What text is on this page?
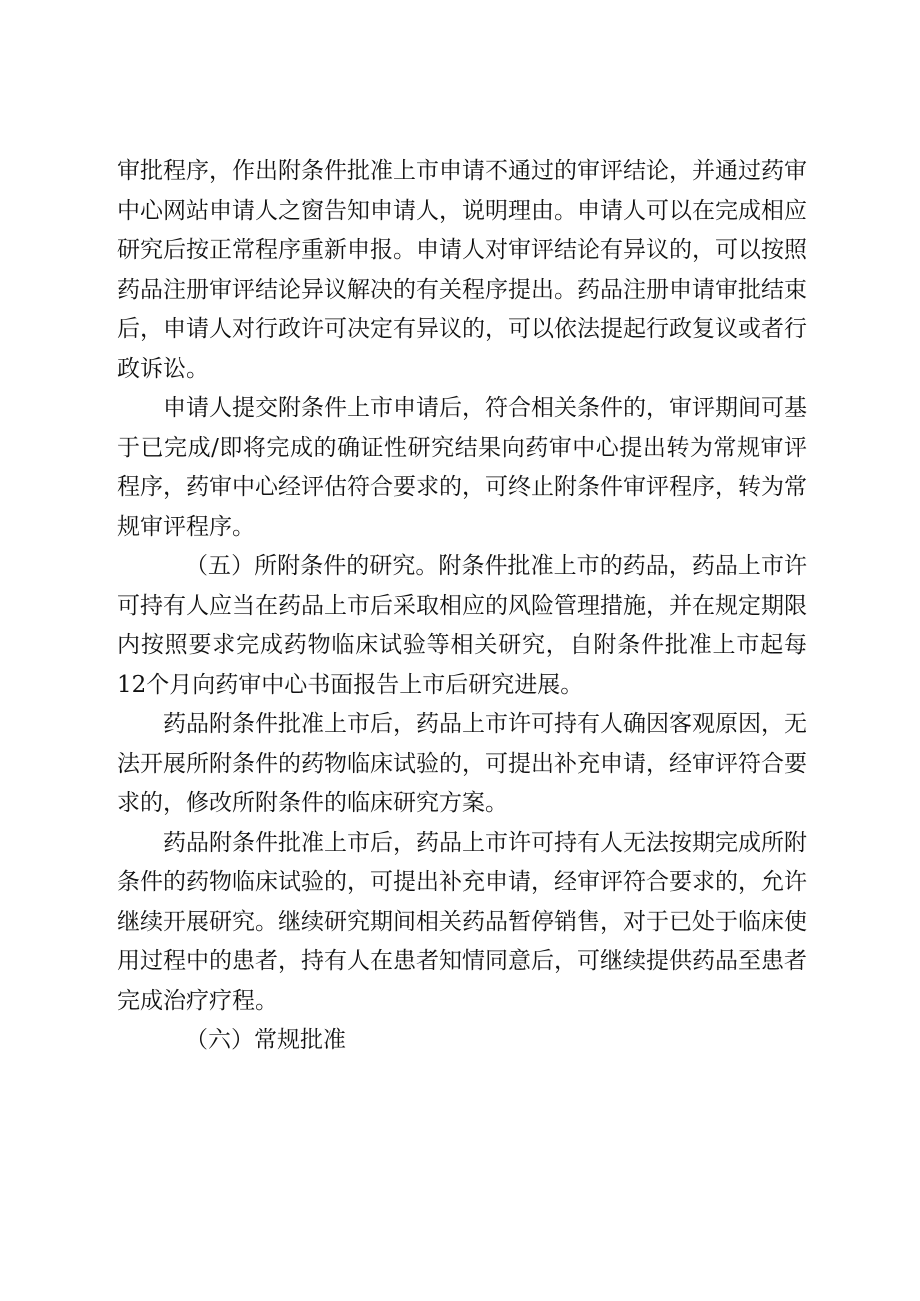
审批程序，作出附条件批准上市申请不通过的审评结论，并通过药审中心网站申请人之窗告知申请人，说明理由。申请人可以在完成相应研究后按正常程序重新申报。申请人对审评结论有异议的，可以按照药品注册审评结论异议解决的有关程序提出。药品注册申请审批结束后，申请人对行政许可决定有异议的，可以依法提起行政复议或者行政诉讼。

申请人提交附条件上市申请后，符合相关条件的，审评期间可基于已完成/即将完成的确证性研究结果向药审中心提出转为常规审评程序，药审中心经评估符合要求的，可终止附条件审评程序，转为常规审评程序。

（五）所附条件的研究。附条件批准上市的药品，药品上市许可持有人应当在药品上市后采取相应的风险管理措施，并在规定期限内按照要求完成药物临床试验等相关研究，自附条件批准上市起每12个月向药审中心书面报告上市后研究进展。

药品附条件批准上市后，药品上市许可持有人确因客观原因，无法开展所附条件的药物临床试验的，可提出补充申请，经审评符合要求的，修改所附条件的临床研究方案。

药品附条件批准上市后，药品上市许可持有人无法按期完成所附条件的药物临床试验的，可提出补充申请，经审评符合要求的，允许继续开展研究。继续研究期间相关药品暂停销售，对于已处于临床使用过程中的患者，持有人在患者知情同意后，可继续提供药品至患者完成治疗疗程。

（六）常规批准
